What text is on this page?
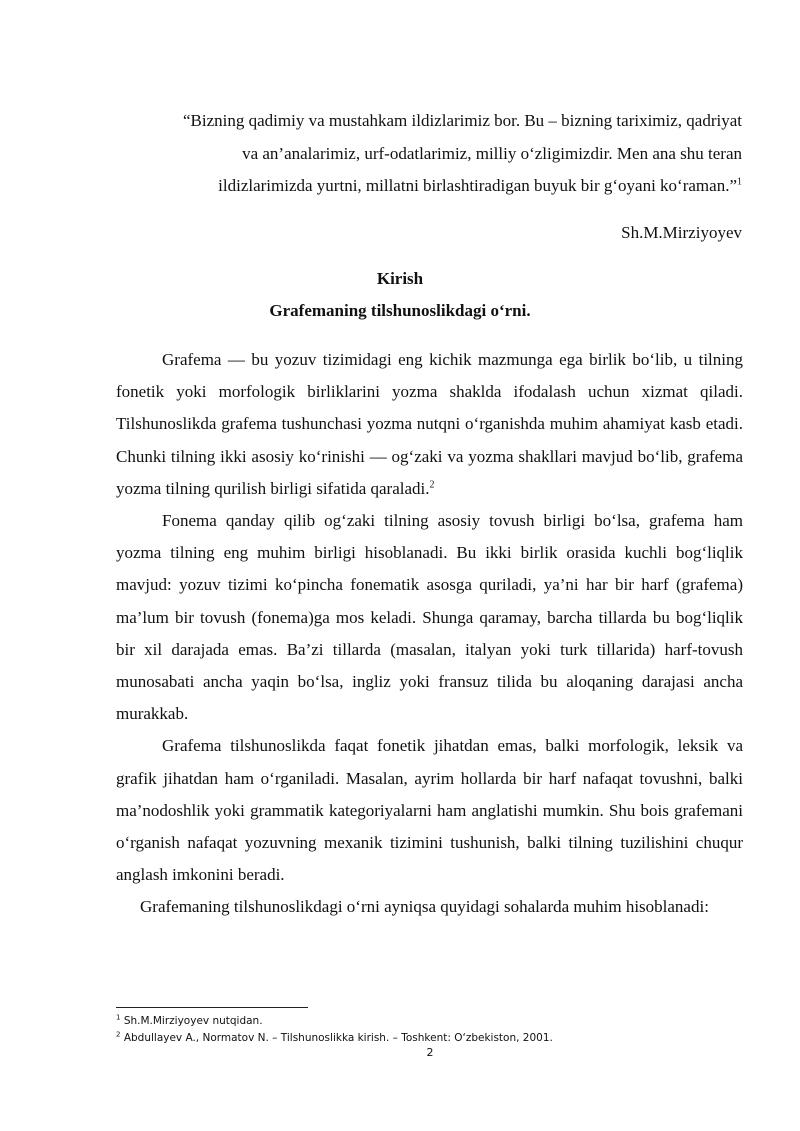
“Bizning qadimiy va mustahkam ildizlarimiz bor. Bu – bizning tariximiz, qadriyat
va an’analarimiz, urf-odatlarimiz, milliy o‘zligimizdir. Men ana shu teran
ildizlarimizda yurtni, millatni birlashtiradigan buyuk bir g‘oyani ko‘raman.”$^1$
Sh.M.Mirziyoyev
Kirish
Grafemaning tilshunoslikdagi o‘rni.

Grafema — bu yozuv tizimidagi eng kichik mazmunga ega birlik bo‘lib, u tilning fonetik yoki morfologik birliklarini yozma shaklda ifodalash uchun xizmat qiladi. Tilshunoslikda grafema tushunchasi yozma nutqni o‘rganishda muhim ahamiyat kasb etadi. Chunki tilning ikki asosiy ko‘rinishi — og‘zaki va yozma shakllari mavjud bo‘lib, grafema yozma tilning qurilish birligi sifatida qaraladi.$^2$

Fonema qanday qilib og‘zaki tilning asosiy tovush birligi bo‘lsa, grafema ham yozma tilning eng muhim birligi hisoblanadi. Bu ikki birlik orasida kuchli bog‘liqlik mavjud: yozuv tizimi ko‘pincha fonematik asosga quriladi, ya’ni har bir harf (grafema) ma’lum bir tovush (fonema)ga mos keladi. Shunga qaramay, barcha tillarda bu bog‘liqlik bir xil darajada emas. Ba’zi tillarda (masalan, italyan yoki turk tillarida) harf-tovush munosabati ancha yaqin bo‘lsa, ingliz yoki fransuz tilida bu aloqaning darajasi ancha murakkab.

Grafema tilshunoslikda faqat fonetik jihatdan emas, balki morfologik, leksik va grafik jihatdan ham o‘rganiladi. Masalan, ayrim hollarda bir harf nafaqat tovushni, balki ma’nodoshlik yoki grammatik kategoriyalarni ham anglatishi mumkin. Shu bois grafemani o‘rganish nafaqat yozuvning mexanik tizimini tushunish, balki tilning tuzilishini chuqur anglash imkonini beradi.

Grafemaning tilshunoslikdagi o‘rni ayniqsa quyidagi sohalarda muhim hisoblanadi:

$^1$ Sh.M.Mirziyoyev nutqidan.
$^2$ Abdullayev A., Normatov N. – Tilshunoslikka kirish. – Toshkent: O‘zbekiston, 2001.
2
